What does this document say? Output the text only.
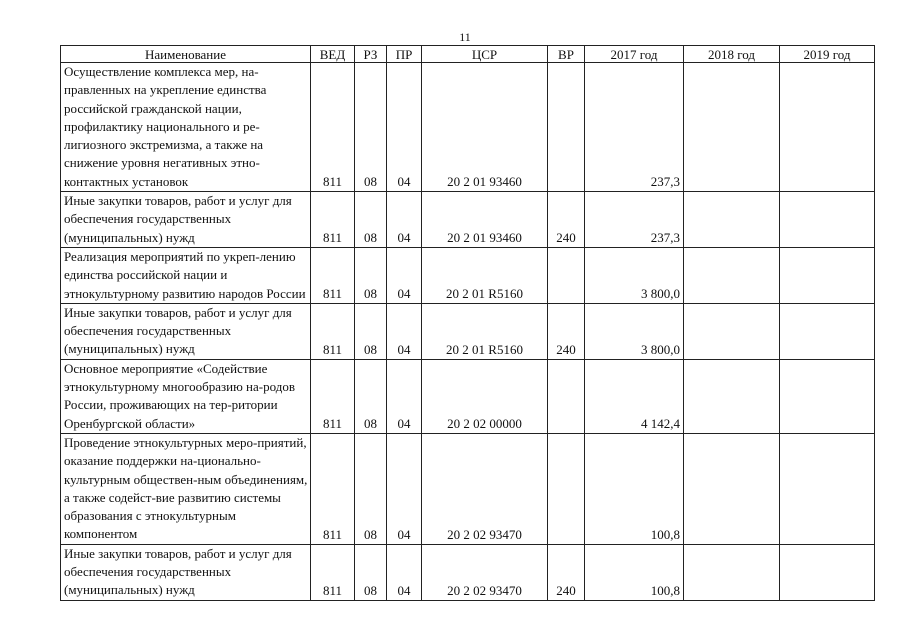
11
Наименование	ВЕД	РЗ	ПР	ЦСР	ВР	2017 год	2018 год	2019 год
Осуществление комплекса мер, на-правленных на укрепление единства российской гражданской нации, профилактику национального и ре-лигиозного экстремизма, а также на снижение уровня негативных этно-контактных установок	811	08	04	20 2 01 93460		237,3		
Иные закупки товаров, работ и услуг для обеспечения государственных (муниципальных) нужд	811	08	04	20 2 01 93460	240	237,3		
Реализация мероприятий по укреп-лению единства российской нации и этнокультурному развитию народов России	811	08	04	20 2 01 R5160		3 800,0		
Иные закупки товаров, работ и услуг для обеспечения государственных (муниципальных) нужд	811	08	04	20 2 01 R5160	240	3 800,0		
Основное мероприятие «Содействие этнокультурному многообразию на-родов России, проживающих на тер-ритории Оренбургской области»	811	08	04	20 2 02 00000		4 142,4		
Проведение этнокультурных меро-приятий, оказание поддержки на-ционально-культурным обществен-ным объединениям, а также содейст-вие развитию системы образования с этнокультурным компонентом	811	08	04	20 2 02 93470		100,8		
Иные закупки товаров, работ и услуг для обеспечения государственных (муниципальных) нужд	811	08	04	20 2 02 93470	240	100,8		
